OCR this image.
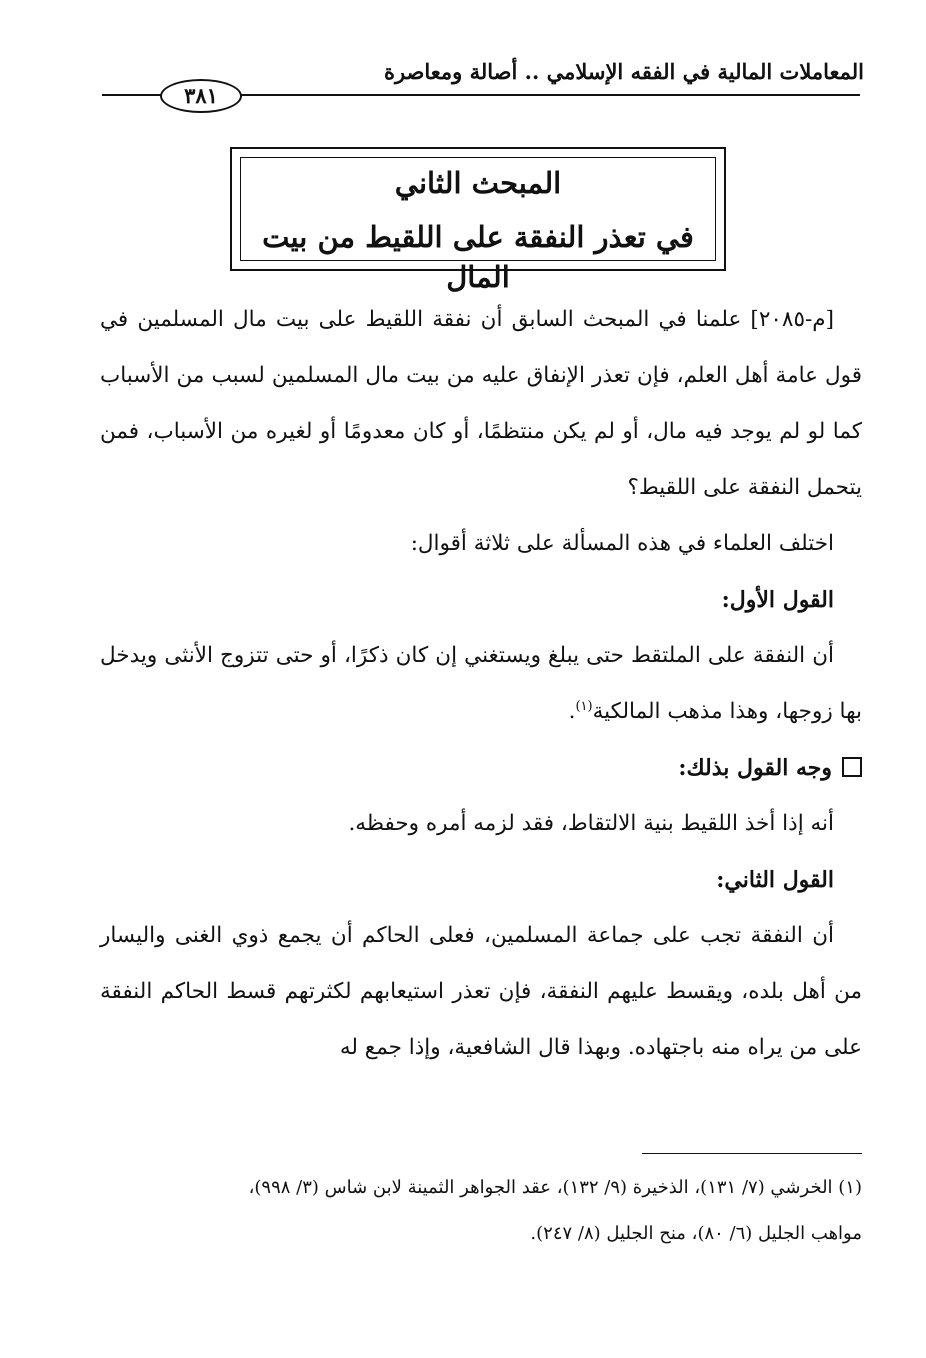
المعاملات المالية في الفقه الإسلامي .. أصالة ومعاصرة
٣٨١
المبحث الثاني
في تعذر النفقة على اللقيط من بيت المال

[م-٢٠٨٥] علمنا في المبحث السابق أن نفقة اللقيط على بيت مال المسلمين في قول عامة أهل العلم، فإن تعذر الإنفاق عليه من بيت مال المسلمين لسبب من الأسباب كما لو لم يوجد فيه مال، أو لم يكن منتظمًا، أو كان معدومًا أو لغيره من الأسباب، فمن يتحمل النفقة على اللقيط؟

اختلف العلماء في هذه المسألة على ثلاثة أقوال:

القول الأول:

أن النفقة على الملتقط حتى يبلغ ويستغني إن كان ذكرًا، أو حتى تتزوج الأنثى ويدخل بها زوجها، وهذا مذهب المالكية$^{(١)}$.

وجه القول بذلك:

أنه إذا أخذ اللقيط بنية الالتقاط، فقد لزمه أمره وحفظه.

القول الثاني:

أن النفقة تجب على جماعة المسلمين، فعلى الحاكم أن يجمع ذوي الغنى واليسار من أهل بلده، ويقسط عليهم النفقة، فإن تعذر استيعابهم لكثرتهم قسط الحاكم النفقة على من يراه منه باجتهاده. وبهذا قال الشافعية، وإذا جمع له

(١) الخرشي (٧/ ١٣١)، الذخيرة (٩/ ١٣٢)، عقد الجواهر الثمينة لابن شاس (٣/ ٩٩٨)،

مواهب الجليل (٦/ ٨٠)، منح الجليل (٨/ ٢٤٧).
